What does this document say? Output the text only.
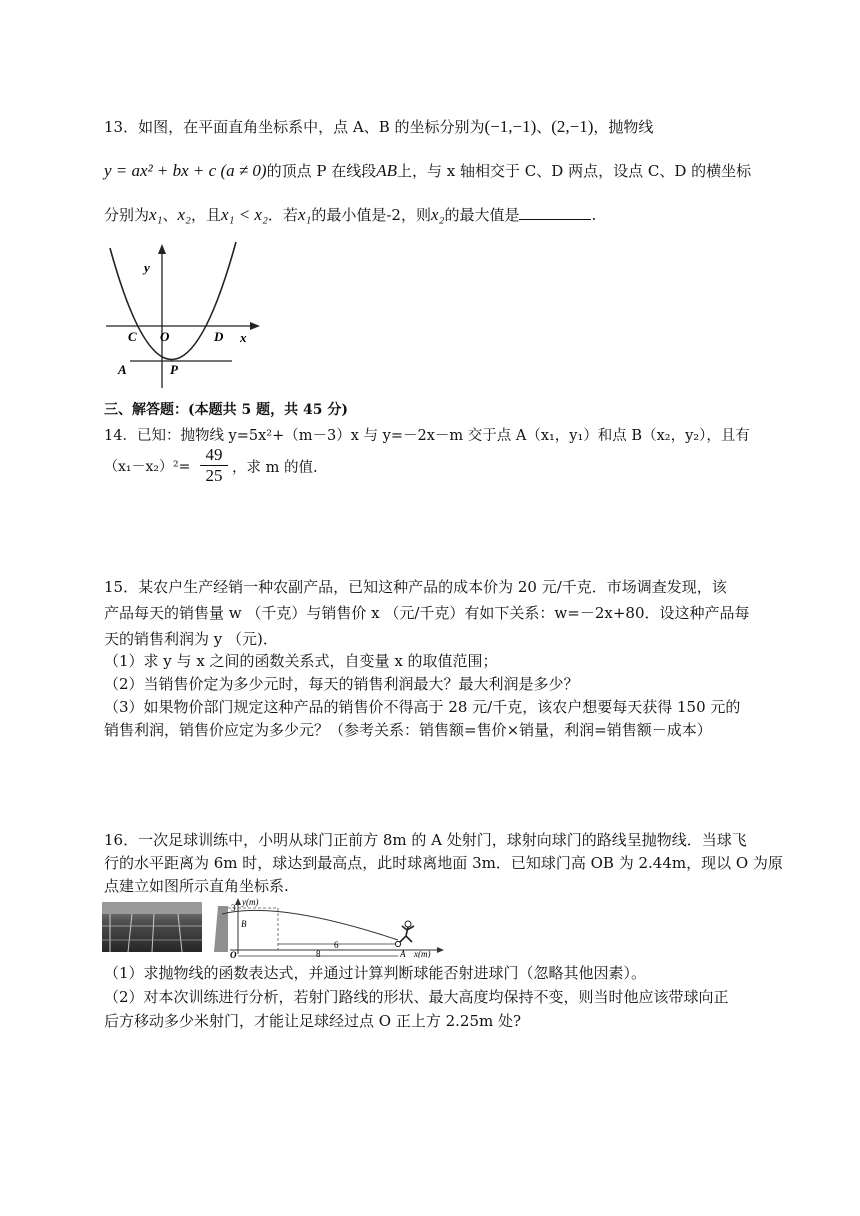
13．如图，在平面直角坐标系中，点 A、B 的坐标分别为(−1,−1)、(2,−1)，抛物线
y = ax² + bx + c (a ≠ 0)的顶点 P 在线段AB上，与 x 轴相交于 C、D 两点，设点 C、D 的横坐标
分别为x₁、x₂，且x₁ < x₂．若x₁的最小值是-2，则x₂的最大值是	.
y
x
C O	D
A	P
三、解答题：(本题共 5 题，共 45 分)
14．已知：抛物线 y=5x²+（m－3）x 与 y=－2x－m 交于点 A（x₁，y₁）和点 B（x₂，y₂），且有
$(x_1-x_2)^2= \frac{49}{25}$ ，求 m 的值.
15．某农户生产经销一种农副产品，已知这种产品的成本价为 20 元/千克．市场调查发现，该
产品每天的销售量 w （千克）与销售价 x （元/千克）有如下关系：w=－2x+80．设这种产品每
天的销售利润为 y （元)．
（1）求 y 与 x 之间的函数关系式，自变量 x 的取值范围；
（2）当销售价定为多少元时，每天的销售利润最大？最大利润是多少？
（3）如果物价部门规定这种产品的销售价不得高于 28 元/千克，该农户想要每天获得 150 元的
销售利润，销售价应定为多少元？（参考关系：销售额=售价×销量，利润=销售额－成本）
16．一次足球训练中，小明从球门正前方 8m 的 A 处射门，球射向球门的路线呈抛物线．当球飞
行的水平距离为 6m 时，球达到最高点，此时球离地面 3m．已知球门高 OB 为 2.44m，现以 O 为原
点建立如图所示直角坐标系.
y(m)
3
B
O
6
8	A x(m)
（1）求抛物线的函数表达式，并通过计算判断球能否射进球门（忽略其他因素）。
（2）对本次训练进行分析，若射门路线的形状、最大高度均保持不变，则当时他应该带球向正
后方移动多少米射门，才能让足球经过点 O 正上方 2.25m 处?
